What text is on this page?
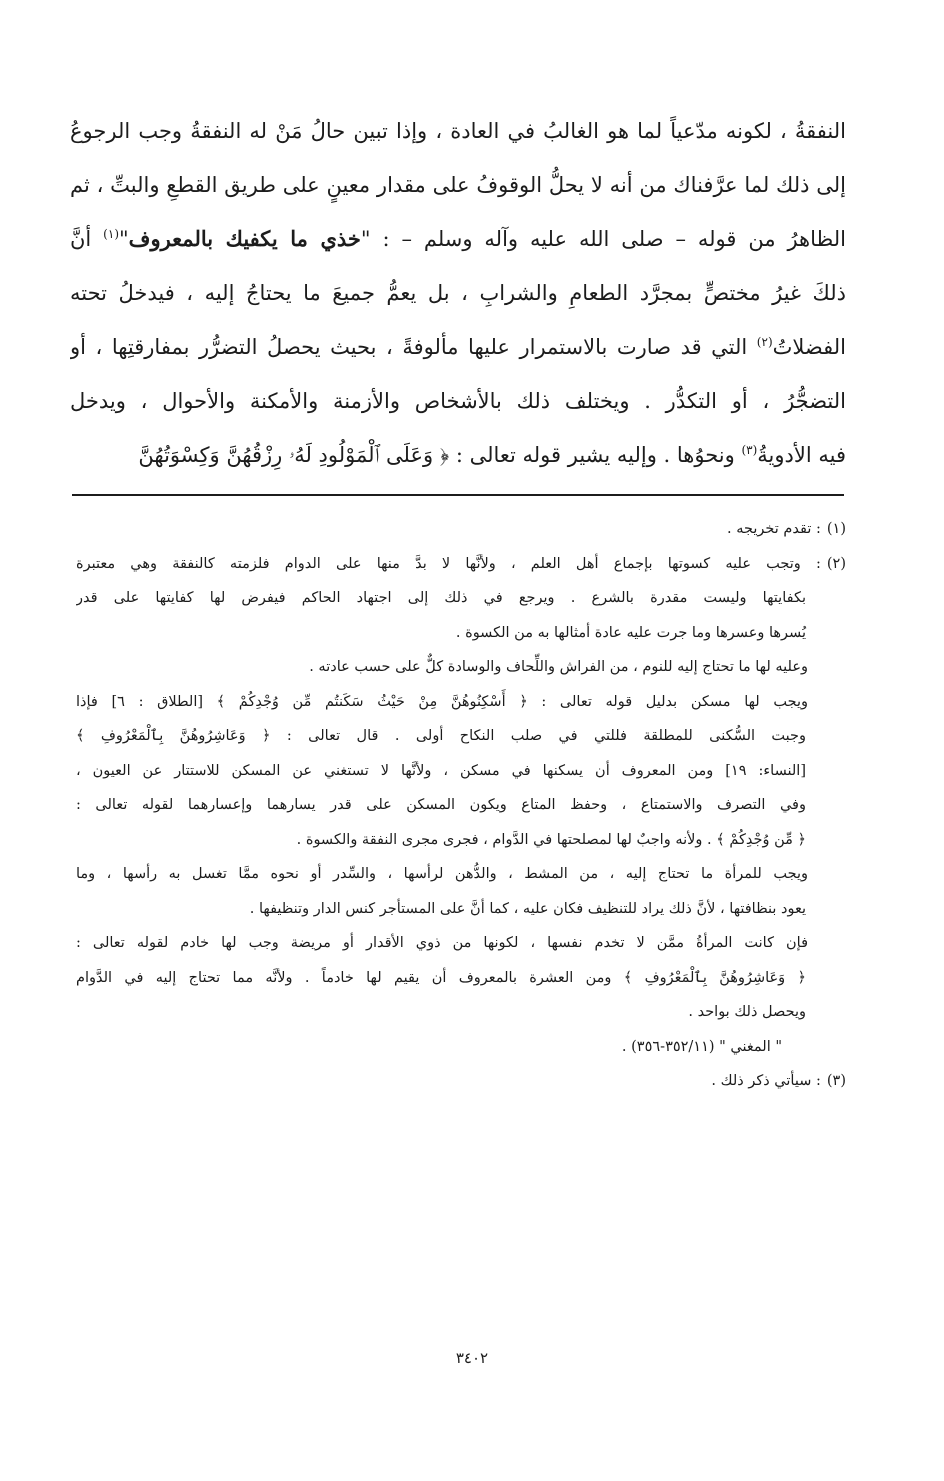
النفقةُ ، لكونه مدّعياً لما هو الغالبُ في العادة ، وإذا تبين حالُ مَنْ له النفقةُ وجب الرجوعُ
إلى ذلك لما عرَّفناك من أنه لا يحلُّ الوقوفُ على مقدار معينٍ على طريق القطعِ والبتِّ ، ثم
الظاهرُ من قوله – صلى الله عليه وآله وسلم – : "خذي ما يكفيك بالمعروف"$^{(١)}$ أنَّ
ذلكَ غيرُ مختصٍّ بمجرَّد الطعامِ والشرابِ ، بل يعمُّ جميعَ ما يحتاجُ إليه ، فيدخلُ تحته
الفضلاتُ$^{(٢)}$ التي قد صارت بالاستمرار عليها مألوفةً ، بحيث يحصلُ التضرُّر بمفارقتِها ، أو
التضجُّرُ ، أو التكدُّر . ويختلف ذلك بالأشخاص والأزمنة والأمكنة والأحوال ، ويدخل
فيه الأدويةُ$^{(٣)}$ ونحوُها . وإليه يشير قوله تعالى : ﴿ وَعَلَى ٱلْمَوْلُودِ لَهُۥ رِزْقُهُنَّ وَكِسْوَتُهُنَّ
(١): تقدم تخريجه .
(٢): وتجب عليه كسوتها بإجماع أهل العلم ، ولأنَّها لا بدَّ منها على الدوام فلزمته كالنفقة وهي معتبرة
بكفايتها وليست مقدرة بالشرع . ويرجع في ذلك إلى اجتهاد الحاكم فيفرض لها كفايتها على قدر
يُسرها وعسرها وما جرت عليه عادة أمثالها به من الكسوة .
وعليه لها ما تحتاج إليه للنوم ، من الفراش واللِّحاف والوسادة كلٌّ على حسب عادته .
ويجب لها مسكن بدليل قوله تعالى : ﴿ أَسْكِنُوهُنَّ مِنْ حَيْثُ سَكَنتُم مِّن وُجْدِكُمْ ﴾ [الطلاق : ٦] فإذا
وجبت السُّكنى للمطلقة فللتي في صلب النكاح أولى . قال تعالى : ﴿ وَعَاشِرُوهُنَّ بِٱلْمَعْرُوفِ ﴾
[النساء: ١٩] ومن المعروف أن يسكنها في مسكن ، ولأنَّها لا تستغني عن المسكن للاستتار عن العيون ،
وفي التصرف والاستمتاع ، وحفظ المتاع ويكون المسكن على قدر يسارهما وإعسارهما لقوله تعالى :
﴿ مِّن وُجْدِكُمْ ﴾ . ولأنه واجبٌ لها لمصلحتها في الدَّوام ، فجرى مجرى النفقة والكسوة .
ويجب للمرأة ما تحتاج إليه ، من المشط ، والدُّهن لرأسها ، والسِّدر أو نحوه ممَّا تغسل به رأسها ، وما
يعود بنظافتها ، لأنَّ ذلك يراد للتنظيف فكان عليه ، كما أنَّ على المستأجر كنس الدار وتنظيفها .
فإن كانت المرأةُ ممَّن لا تخدم نفسها ، لكونها من ذوي الأقدار أو مريضة وجب لها خادم لقوله تعالى :
﴿ وَعَاشِرُوهُنَّ بِٱلْمَعْرُوفِ ﴾ ومن العشرة بالمعروف أن يقيم لها خادماً . ولأنَّه مما تحتاج إليه في الدَّوام
ويحصل ذلك بواحد .
" المغني " (٣٥٢/١١-٣٥٦) .
(٣): سيأتي ذكر ذلك .
٣٤٠٢
